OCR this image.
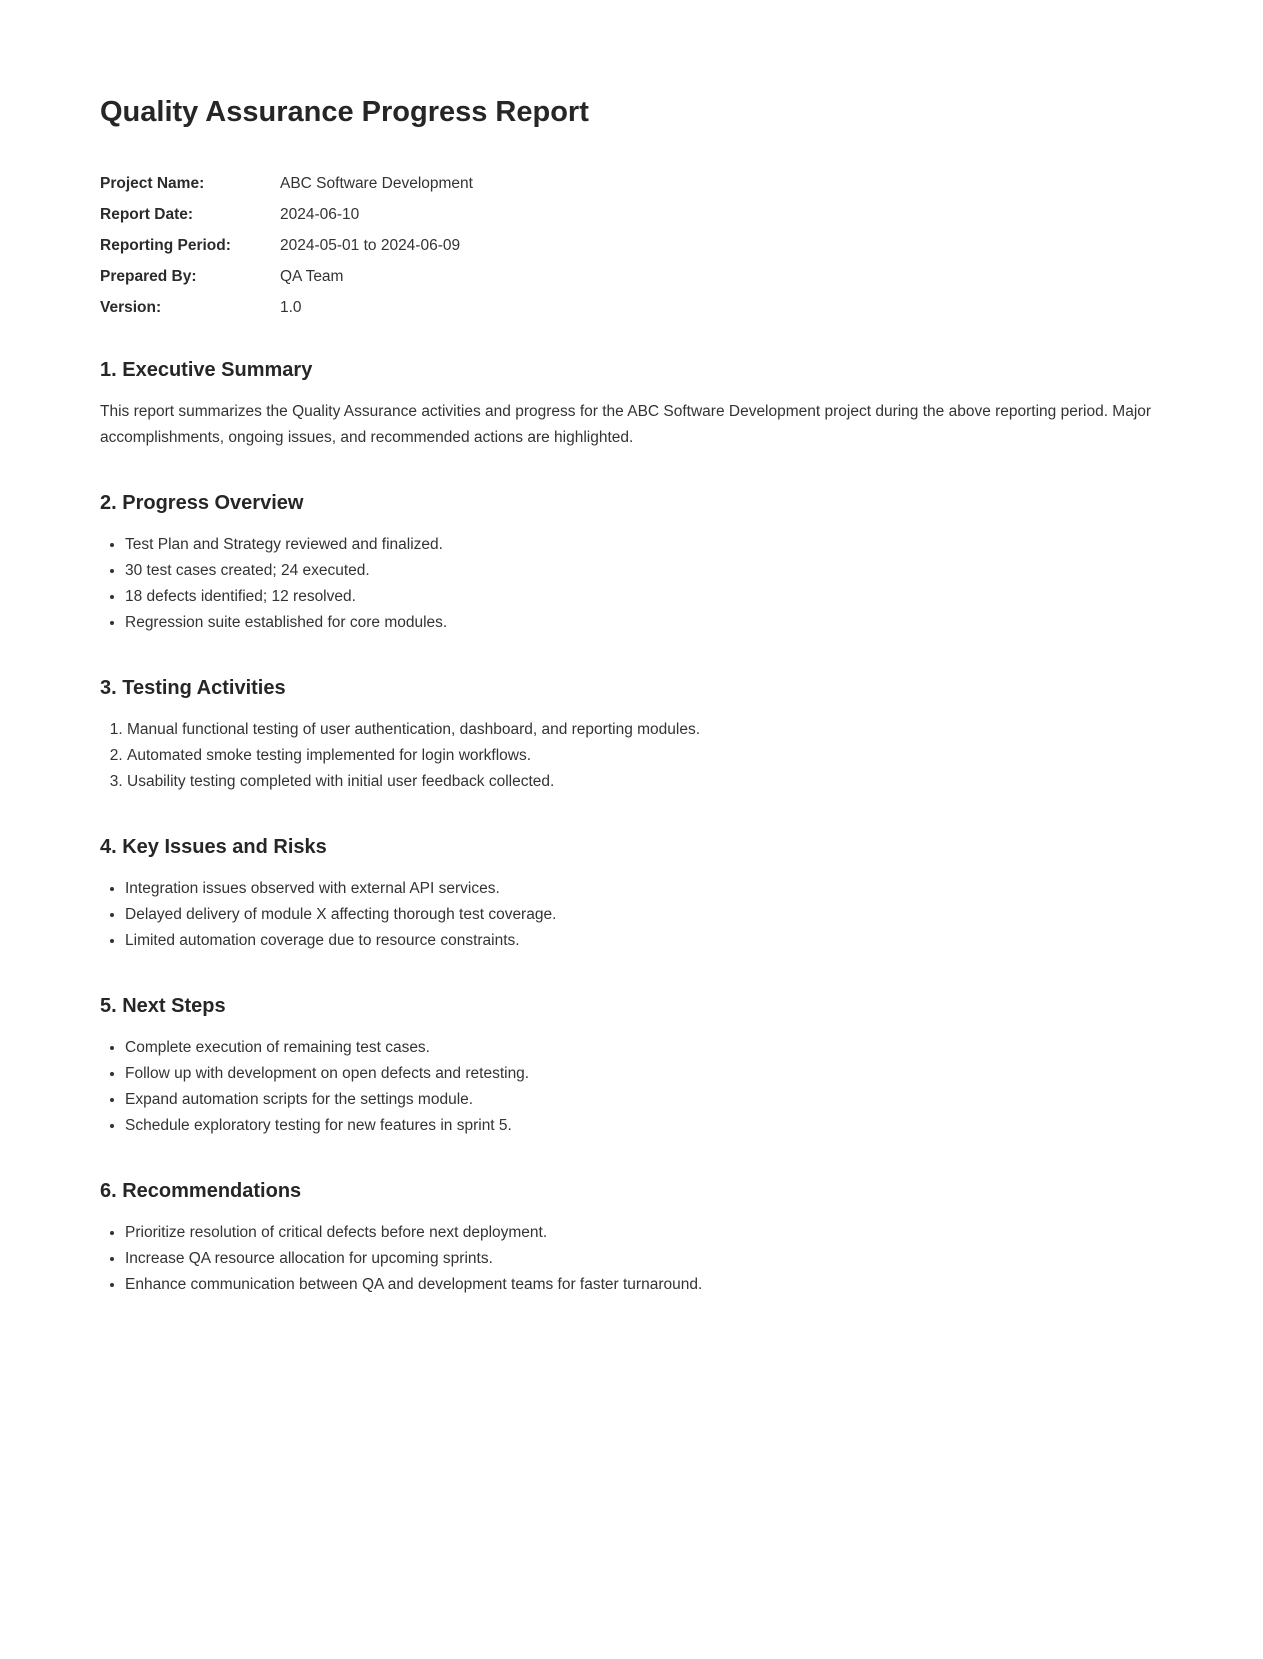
Quality Assurance Progress Report
Project Name:	ABC Software Development
Report Date:	2024-06-10
Reporting Period:	2024-05-01 to 2024-06-09
Prepared By:	QA Team
Version:	1.0
1. Executive Summary

This report summarizes the Quality Assurance activities and progress for the ABC Software Development project during the above reporting period. Major accomplishments, ongoing issues, and recommended actions are highlighted.

2. Progress Overview
• Test Plan and Strategy reviewed and finalized.
• 30 test cases created; 24 executed.
• 18 defects identified; 12 resolved.
• Regression suite established for core modules.
3. Testing Activities
1. Manual functional testing of user authentication, dashboard, and reporting modules.
2. Automated smoke testing implemented for login workflows.
3. Usability testing completed with initial user feedback collected.
4. Key Issues and Risks
• Integration issues observed with external API services.
• Delayed delivery of module X affecting thorough test coverage.
• Limited automation coverage due to resource constraints.
5. Next Steps
• Complete execution of remaining test cases.
• Follow up with development on open defects and retesting.
• Expand automation scripts for the settings module.
• Schedule exploratory testing for new features in sprint 5.
6. Recommendations
• Prioritize resolution of critical defects before next deployment.
• Increase QA resource allocation for upcoming sprints.
• Enhance communication between QA and development teams for faster turnaround.
